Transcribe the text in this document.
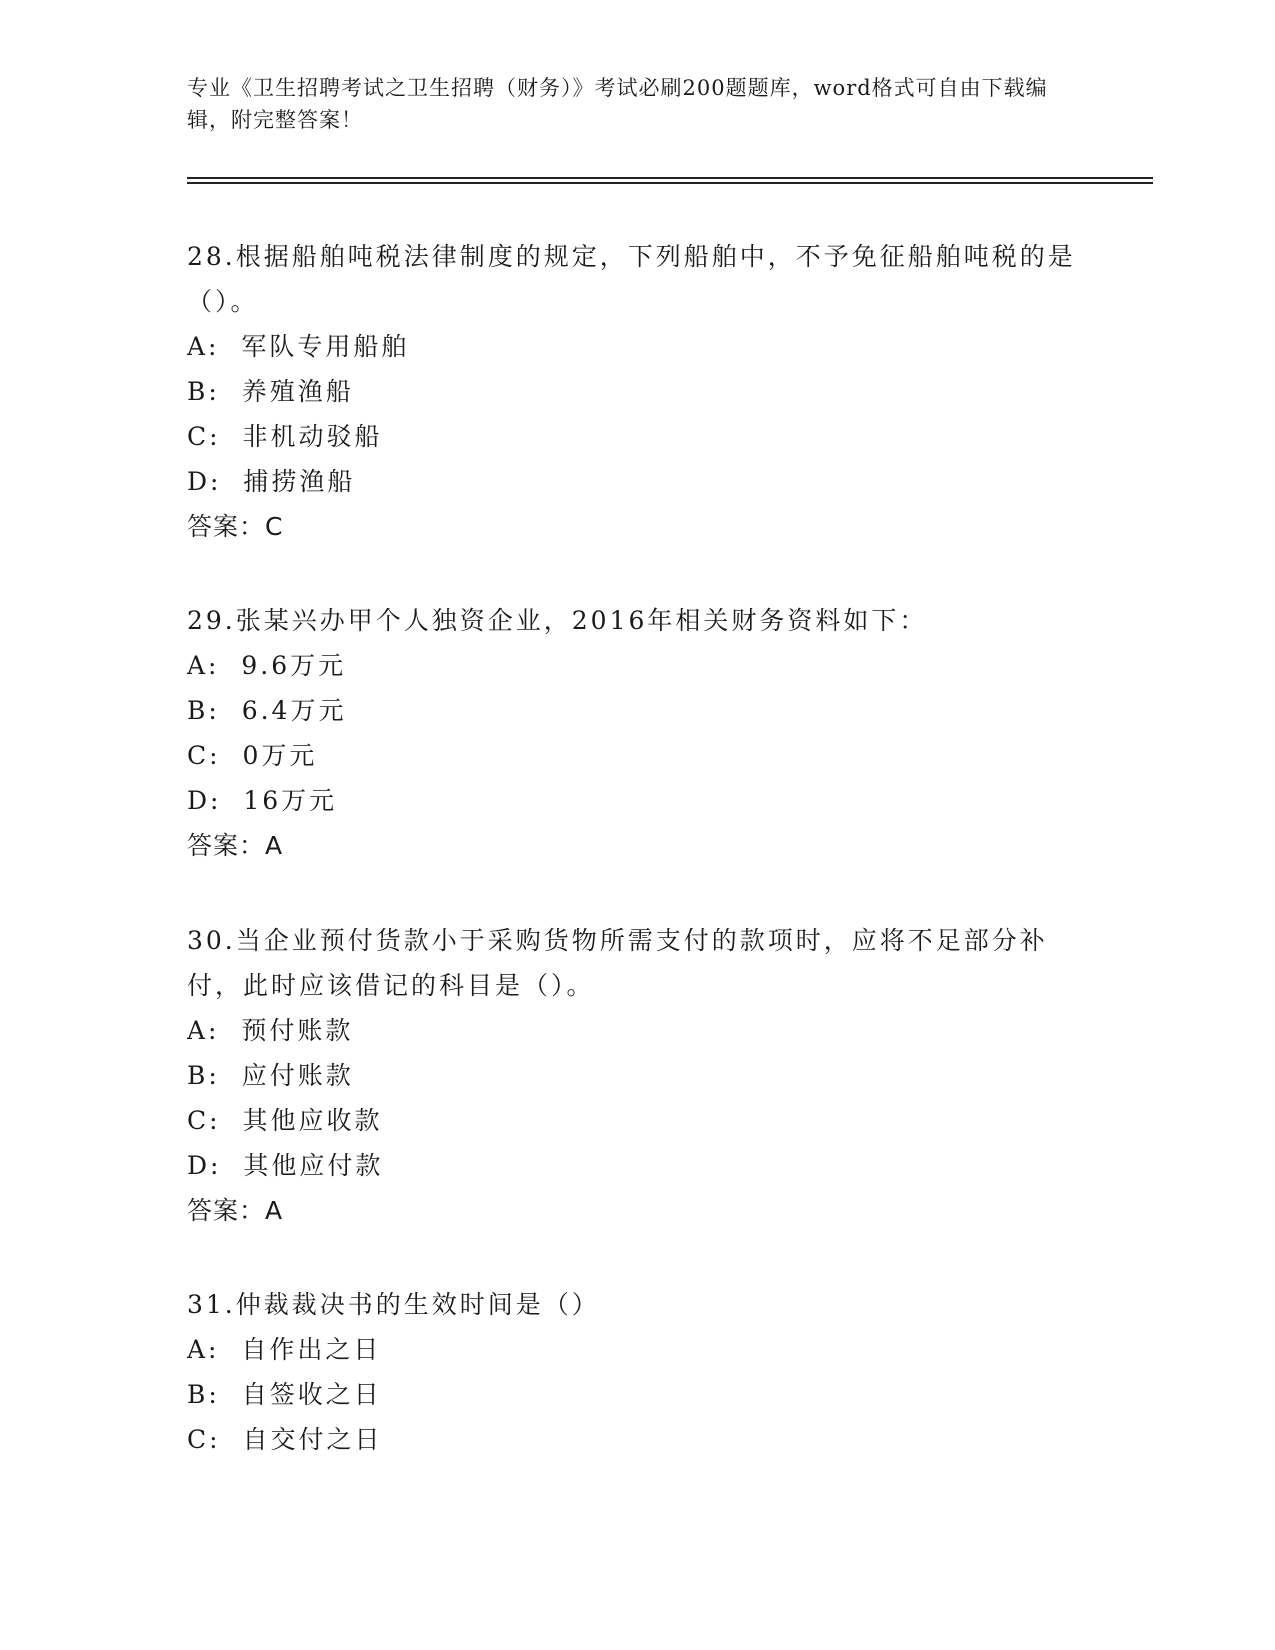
专业《卫生招聘考试之卫生招聘（财务）》考试必刷200题题库，word格式可自由下载编辑，附完整答案！

28.根据船舶吨税法律制度的规定，下列船舶中，不予免征船舶吨税的是（）。

A:  军队专用船舶

B:  养殖渔船

C:  非机动驳船

D:  捕捞渔船

答案：C

29.张某兴办甲个人独资企业，2016年相关财务资料如下：

A:  9.6万元

B:  6.4万元

C:  0万元

D:  16万元

答案：A

30.当企业预付货款小于采购货物所需支付的款项时，应将不足部分补付，此时应该借记的科目是（）。

A:  预付账款

B:  应付账款

C:  其他应收款

D:  其他应付款

答案：A

31.仲裁裁决书的生效时间是（）

A:  自作出之日

B:  自签收之日

C:  自交付之日
